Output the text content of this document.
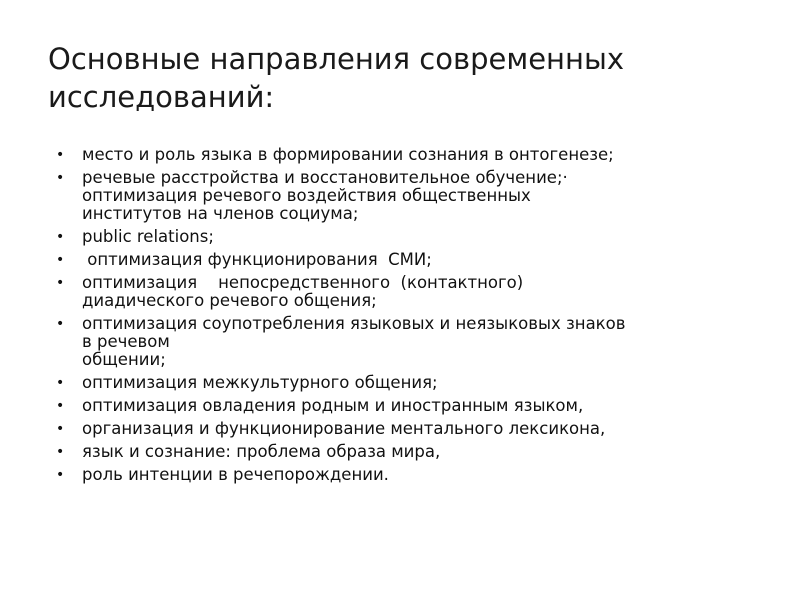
Основные направления современных
исследований:
• место и роль языка в формировании сознания в онтогенезе;
• речевые расстройства и восстановительное обучение;·
оптимизация речевого воздействия общественных
институтов на членов социума;
• public relations;
• оптимизация функционирования  СМИ;
• оптимизация    непосредственного  (контактного)
диадического речевого общения;
• оптимизация соупотребления языковых и неязыковых знаков
в речевом
общении;
• оптимизация межкультурного общения;
• оптимизация овладения родным и иностранным языком,
• организация и функционирование ментального лексикона,
• язык и сознание: проблема образа мира,
• роль интенции в речепорождении.
